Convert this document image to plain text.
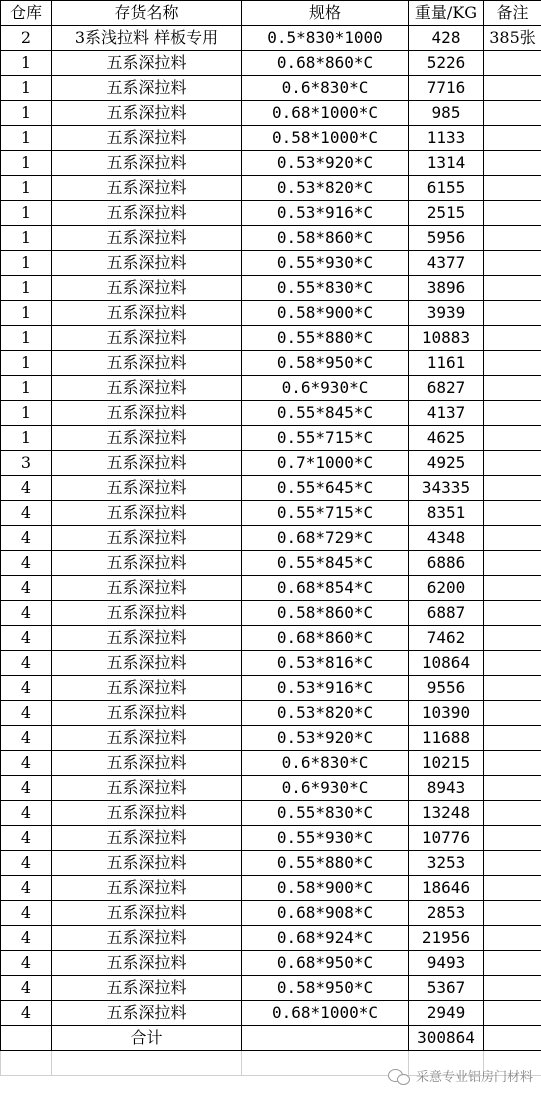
仓库	存货名称	规格	重量/KG	备注
2	3系浅拉料 样板专用	0.5*830*1000	428	385张
1	五系深拉料	0.68*860*C	5226	
1	五系深拉料	0.6*830*C	7716	
1	五系深拉料	0.68*1000*C	985	
1	五系深拉料	0.58*1000*C	1133	
1	五系深拉料	0.53*920*C	1314	
1	五系深拉料	0.53*820*C	6155	
1	五系深拉料	0.53*916*C	2515	
1	五系深拉料	0.58*860*C	5956	
1	五系深拉料	0.55*930*C	4377	
1	五系深拉料	0.55*830*C	3896	
1	五系深拉料	0.58*900*C	3939	
1	五系深拉料	0.55*880*C	10883	
1	五系深拉料	0.58*950*C	1161	
1	五系深拉料	0.6*930*C	6827	
1	五系深拉料	0.55*845*C	4137	
1	五系深拉料	0.55*715*C	4625	
3	五系深拉料	0.7*1000*C	4925	
4	五系深拉料	0.55*645*C	34335	
4	五系深拉料	0.55*715*C	8351	
4	五系深拉料	0.68*729*C	4348	
4	五系深拉料	0.55*845*C	6886	
4	五系深拉料	0.68*854*C	6200	
4	五系深拉料	0.58*860*C	6887	
4	五系深拉料	0.68*860*C	7462	
4	五系深拉料	0.53*816*C	10864	
4	五系深拉料	0.53*916*C	9556	
4	五系深拉料	0.53*820*C	10390	
4	五系深拉料	0.53*920*C	11688	
4	五系深拉料	0.6*830*C	10215	
4	五系深拉料	0.6*930*C	8943	
4	五系深拉料	0.55*830*C	13248	
4	五系深拉料	0.55*930*C	10776	
4	五系深拉料	0.55*880*C	3253	
4	五系深拉料	0.58*900*C	18646	
4	五系深拉料	0.68*908*C	2853	
4	五系深拉料	0.68*924*C	21956	
4	五系深拉料	0.68*950*C	9493	
4	五系深拉料	0.58*950*C	5367	
4	五系深拉料	0.68*1000*C	2949	
	合计		300864	

采意专业铝房门材料
